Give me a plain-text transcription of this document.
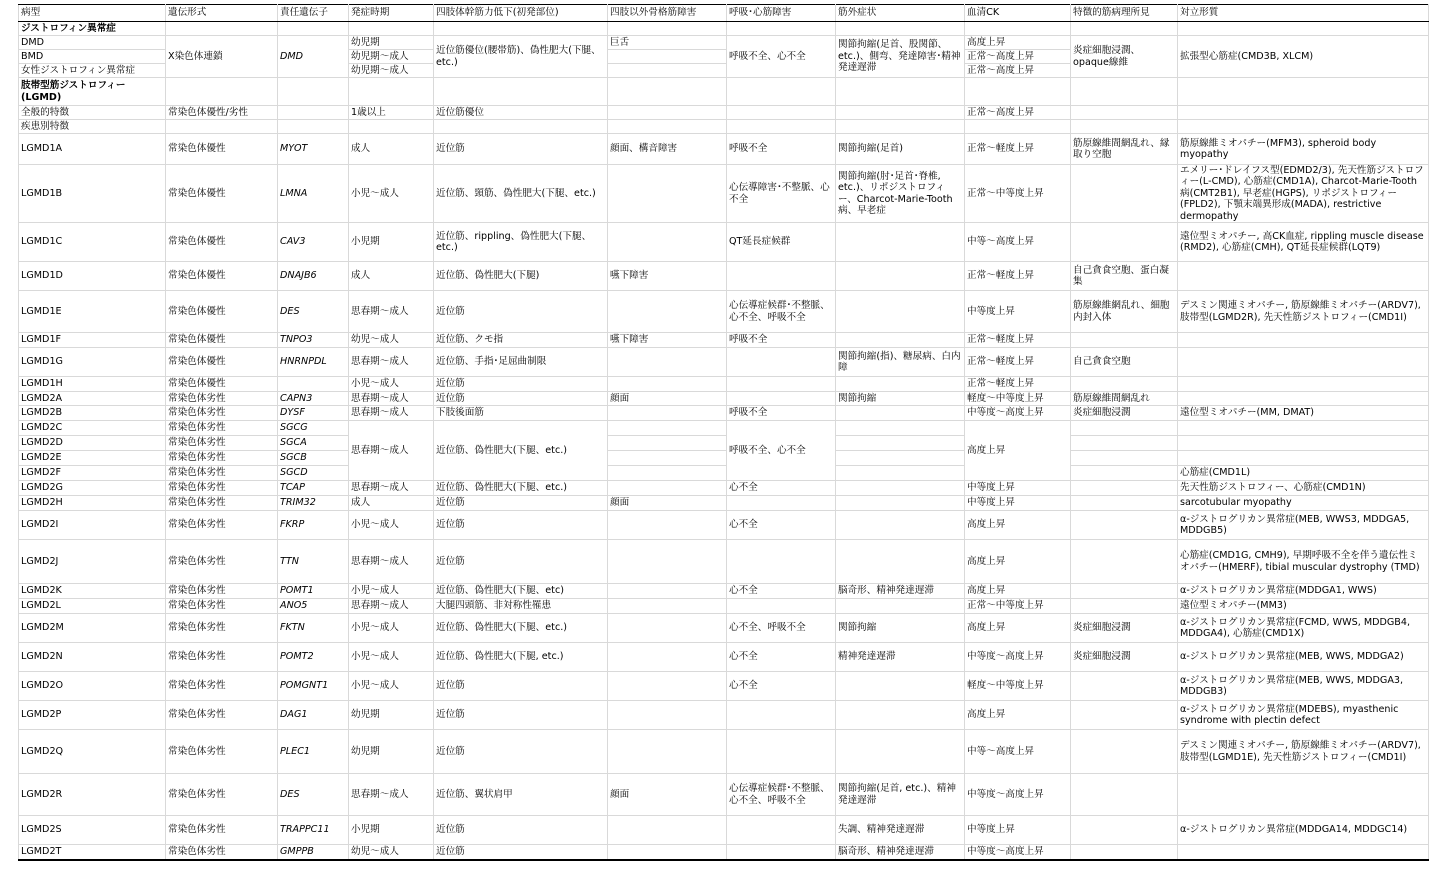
病型	遺伝形式	責任遺伝子	発症時期	四肢体幹筋力低下(初発部位)	四肢以外骨格筋障害	呼吸･心筋障害	筋外症状	血清CK	特徴的筋病理所見	対立形質
ジストロフィン異常症										
DMD	X染色体連鎖	DMD	幼児期	近位筋優位(腰帯筋)、偽性肥大(下腿、etc.)	巨舌	呼吸不全、心不全	関節拘縮(足首、股関節、etc.)、側弯、発達障害･精神発達遅滞	高度上昇	炎症細胞浸潤、opaque線維	拡張型心筋症(CMD3B, XLCM)
BMD			幼児期～成人					正常～高度上昇		
女性ジストロフィン異常症			幼児期～成人					正常～高度上昇		
肢帯型筋ジストロフィー(LGMD)										
全般的特徴	常染色体優性/劣性		1歳以上	近位筋優位				正常～高度上昇		
疾患別特徴										
LGMD1A	常染色体優性	MYOT	成人	近位筋	顔面、構音障害	呼吸不全	関節拘縮(足首)	正常～軽度上昇	筋原線維間網乱れ、縁取り空胞	筋原線維ミオパチー(MFM3), spheroid body myopathy
LGMD1B	常染色体優性	LMNA	小児～成人	近位筋、頸筋、偽性肥大(下腿、etc.)		心伝導障害･不整脈、心不全	関節拘縮(肘･足首･脊椎, etc.)、リポジストロフィー、Charcot-Marie-Tooth病、早老症	正常～中等度上昇		エメリー･ドレイフス型(EDMD2/3), 先天性筋ジストロフィー(L-CMD), 心筋症(CMD1A), Charcot-Marie-Tooth病(CMT2B1), 早老症(HGPS), リポジストロフィー(FPLD2), 下顎末端異形成(MADA), restrictive dermopathy
LGMD1C	常染色体優性	CAV3	小児期	近位筋、rippling、偽性肥大(下腿、etc.)		QT延長症候群		中等～高度上昇		遠位型ミオパチー, 高CK血症, rippling muscle disease (RMD2), 心筋症(CMH), QT延長症候群(LQT9)
LGMD1D	常染色体優性	DNAJB6	成人	近位筋、偽性肥大(下腿)	嚥下障害			正常～軽度上昇	自己貪食空胞、蛋白凝集	
LGMD1E	常染色体優性	DES	思春期～成人	近位筋		心伝導症候群･不整脈、心不全、呼吸不全		中等度上昇	筋原線維網乱れ、細胞内封入体	デスミン関連ミオパチー, 筋原線維ミオパチー(ARDV7), 肢帯型(LGMD2R), 先天性筋ジストロフィー(CMD1I)
LGMD1F	常染色体優性	TNPO3	幼児～成人	近位筋、クモ指	嚥下障害	呼吸不全		正常～軽度上昇		
LGMD1G	常染色体優性	HNRNPDL	思春期～成人	近位筋、手指･足屈曲制限			関節拘縮(指)、糖尿病、白内障	正常～軽度上昇	自己貪食空胞	
LGMD1H	常染色体優性		小児～成人	近位筋				正常～軽度上昇		
LGMD2A	常染色体劣性	CAPN3	思春期～成人	近位筋	顔面		関節拘縮	軽度～中等度上昇	筋原線維間網乱れ	
LGMD2B	常染色体劣性	DYSF	思春期～成人	下肢後面筋		呼吸不全		中等度～高度上昇	炎症細胞浸潤	遠位型ミオパチー(MM, DMAT)
LGMD2C	常染色体劣性	SGCG	思春期～成人	近位筋、偽性肥大(下腿、etc.)		呼吸不全、心不全		高度上昇		
LGMD2D	常染色体劣性	SGCA								
LGMD2E	常染色体劣性	SGCB								
LGMD2F	常染色体劣性	SGCD								心筋症(CMD1L)
LGMD2G	常染色体劣性	TCAP	思春期～成人	近位筋、偽性肥大(下腿、etc.)		心不全		中等度上昇		先天性筋ジストロフィー、心筋症(CMD1N)
LGMD2H	常染色体劣性	TRIM32	成人	近位筋	顔面			中等度上昇		sarcotubular myopathy
LGMD2I	常染色体劣性	FKRP	小児～成人	近位筋		心不全		高度上昇		α-ジストログリカン異常症(MEB, WWS3, MDDGA5, MDDGB5)
LGMD2J	常染色体劣性	TTN	思春期～成人	近位筋				高度上昇		心筋症(CMD1G, CMH9), 早期呼吸不全を伴う遺伝性ミオパチー(HMERF), tibial muscular dystrophy (TMD)
LGMD2K	常染色体劣性	POMT1	小児～成人	近位筋、偽性肥大(下腿、etc)		心不全	脳奇形、精神発達遅滞	高度上昇		α-ジストログリカン異常症(MDDGA1, WWS)
LGMD2L	常染色体劣性	ANO5	思春期～成人	大腿四頭筋、非対称性罹患				正常～中等度上昇		遠位型ミオパチー(MM3)
LGMD2M	常染色体劣性	FKTN	小児～成人	近位筋、偽性肥大(下腿、etc.)		心不全、呼吸不全	関節拘縮	高度上昇	炎症細胞浸潤	α-ジストログリカン異常症(FCMD, WWS, MDDGB4, MDDGA4), 心筋症(CMD1X)
LGMD2N	常染色体劣性	POMT2	小児～成人	近位筋、偽性肥大(下腿, etc.)		心不全	精神発達遅滞	中等度～高度上昇	炎症細胞浸潤	α-ジストログリカン異常症(MEB, WWS, MDDGA2)
LGMD2O	常染色体劣性	POMGNT1	小児～成人	近位筋		心不全		軽度～中等度上昇		α-ジストログリカン異常症(MEB, WWS, MDDGA3, MDDGB3)
LGMD2P	常染色体劣性	DAG1	幼児期	近位筋				高度上昇		α-ジストログリカン異常症(MDEBS), myasthenic syndrome with plectin defect
LGMD2Q	常染色体劣性	PLEC1	幼児期	近位筋				中等～高度上昇		デスミン関連ミオパチー, 筋原線維ミオパチー(ARDV7), 肢帯型(LGMD1E), 先天性筋ジストロフィー(CMD1I)
LGMD2R	常染色体劣性	DES	思春期～成人	近位筋、翼状肩甲	顔面	心伝導症候群･不整脈、心不全、呼吸不全	関節拘縮(足首, etc.)、精神発達遅滞	中等度～高度上昇		
LGMD2S	常染色体劣性	TRAPPC11	小児期	近位筋			失調、精神発達遅滞	中等度上昇		α-ジストログリカン異常症(MDDGA14, MDDGC14)
LGMD2T	常染色体劣性	GMPPB	幼児～成人	近位筋			脳奇形、精神発達遅滞	中等度～高度上昇		
